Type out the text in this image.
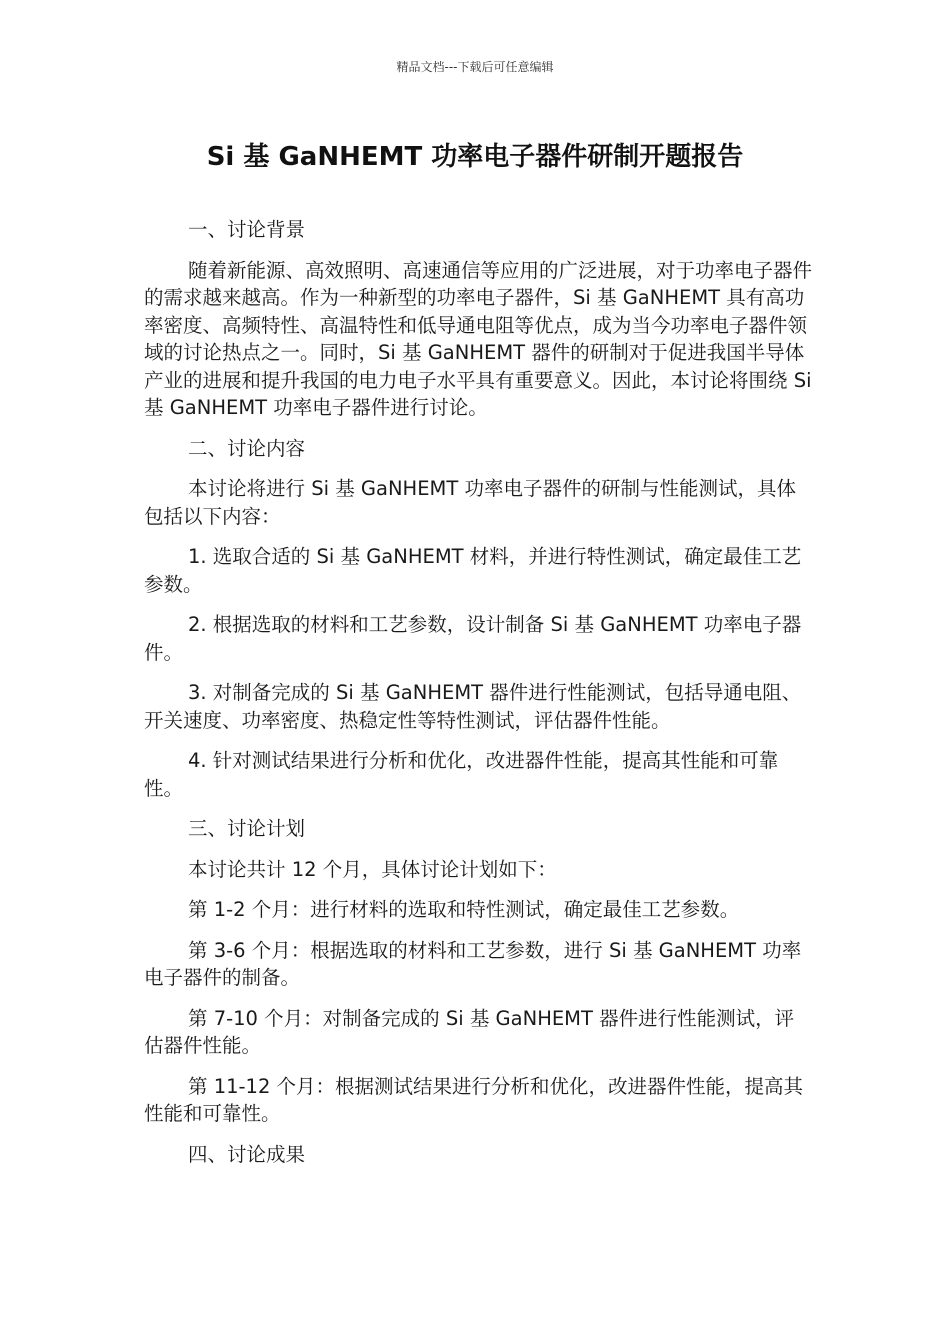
精品文档---下载后可任意编辑
Si 基 GaNHEMT 功率电子器件研制开题报告

一、讨论背景

随着新能源、高效照明、高速通信等应用的广泛进展，对于功率电子器件的需求越来越高。作为一种新型的功率电子器件，Si 基 GaNHEMT 具有高功率密度、高频特性、高温特性和低导通电阻等优点，成为当今功率电子器件领域的讨论热点之一。同时，Si 基 GaNHEMT 器件的研制对于促进我国半导体产业的进展和提升我国的电力电子水平具有重要意义。因此，本讨论将围绕 Si 基 GaNHEMT 功率电子器件进行讨论。

二、讨论内容

本讨论将进行 Si 基 GaNHEMT 功率电子器件的研制与性能测试，具体包括以下内容：

1. 选取合适的 Si 基 GaNHEMT 材料，并进行特性测试，确定最佳工艺参数。

2. 根据选取的材料和工艺参数，设计制备 Si 基 GaNHEMT 功率电子器件。

3. 对制备完成的 Si 基 GaNHEMT 器件进行性能测试，包括导通电阻、开关速度、功率密度、热稳定性等特性测试，评估器件性能。

4. 针对测试结果进行分析和优化，改进器件性能，提高其性能和可靠性。

三、讨论计划

本讨论共计 12 个月，具体讨论计划如下：

第 1-2 个月：进行材料的选取和特性测试，确定最佳工艺参数。

第 3-6 个月：根据选取的材料和工艺参数，进行 Si 基 GaNHEMT 功率电子器件的制备。

第 7-10 个月：对制备完成的 Si 基 GaNHEMT 器件进行性能测试，评估器件性能。

第 11-12 个月：根据测试结果进行分析和优化，改进器件性能，提高其性能和可靠性。

四、讨论成果
